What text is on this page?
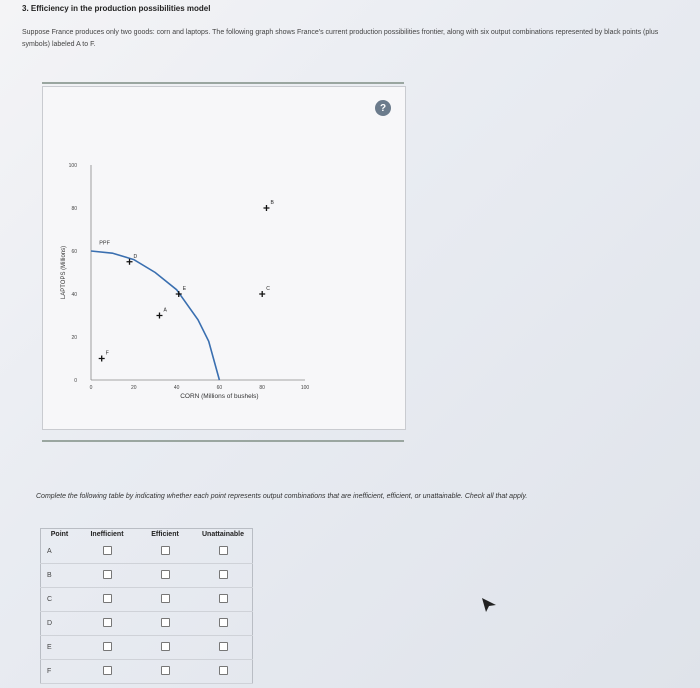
3. Efficiency in the production possibilities model
Suppose France produces only two goods: corn and laptops. The following graph shows France's current production possibilities frontier, along with six output combinations represented by black points (plus symbols) labeled A to F.
100
80
60
40
20
0
0	20	40	60	80	100
LAPTOPS (Millions)
CORN (Millions of bushels)
PPF
A
B
C
D
E
F
?
Complete the following table by indicating whether each point represents output combinations that are inefficient, efficient, or unattainable. Check all that apply.
Point	Inefficient	Efficient	Unattainable
A			
B			
C			
D			
E			
F			
